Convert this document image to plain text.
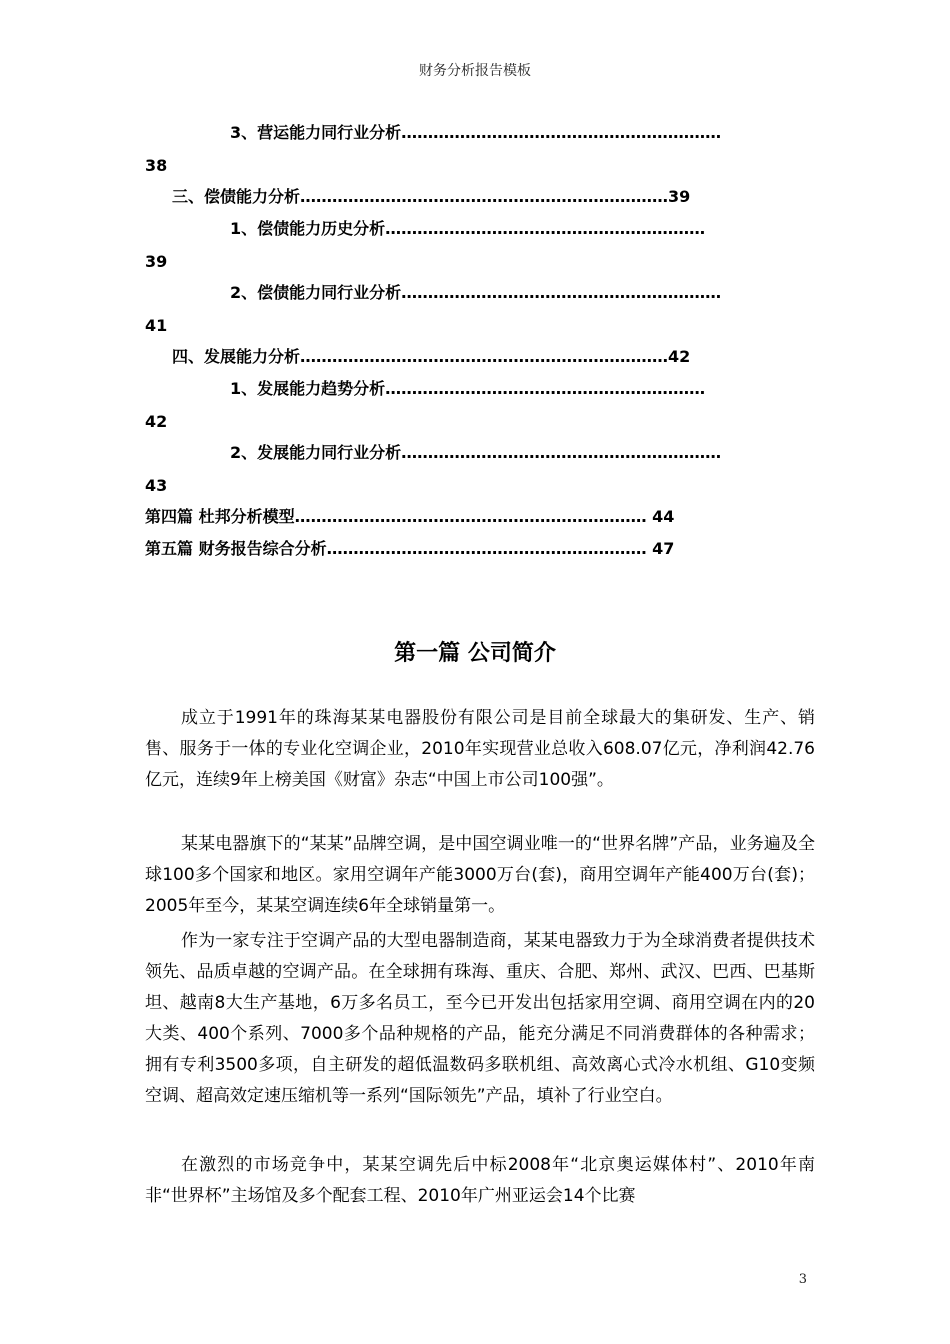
财务分析报告模板
3、营运能力同行业分析……………………………………………………
38
三、偿债能力分析……………………………………………………………39
1、偿债能力历史分析……………………………………………………
39
2、偿债能力同行业分析……………………………………………………
41
四、发展能力分析……………………………………………………………42
1、发展能力趋势分析……………………………………………………
42
2、发展能力同行业分析……………………………………………………
43
第四篇 杜邦分析模型………………………………………………………… 44
第五篇 财务报告综合分析…………………………………………………… 47
第一篇 公司简介

成立于1991年的珠海某某电器股份有限公司是目前全球最大的集研发、生产、销售、服务于一体的专业化空调企业，2010年实现营业总收入608.07亿元，净利润42.76亿元，连续9年上榜美国《财富》杂志“中国上市公司100强”。

某某电器旗下的“某某”品牌空调，是中国空调业唯一的“世界名牌”产品，业务遍及全球100多个国家和地区。家用空调年产能3000万台(套)，商用空调年产能400万台(套)；2005年至今，某某空调连续6年全球销量第一。

作为一家专注于空调产品的大型电器制造商，某某电器致力于为全球消费者提供技术领先、品质卓越的空调产品。在全球拥有珠海、重庆、合肥、郑州、武汉、巴西、巴基斯坦、越南8大生产基地，6万多名员工，至今已开发出包括家用空调、商用空调在内的20大类、400个系列、7000多个品种规格的产品，能充分满足不同消费群体的各种需求；拥有专利3500多项，自主研发的超低温数码多联机组、高效离心式冷水机组、G10变频空调、超高效定速压缩机等一系列“国际领先”产品，填补了行业空白。

在激烈的市场竞争中，某某空调先后中标2008年“北京奥运媒体村”、2010年南非“世界杯”主场馆及多个配套工程、2010年广州亚运会14个比赛

3
